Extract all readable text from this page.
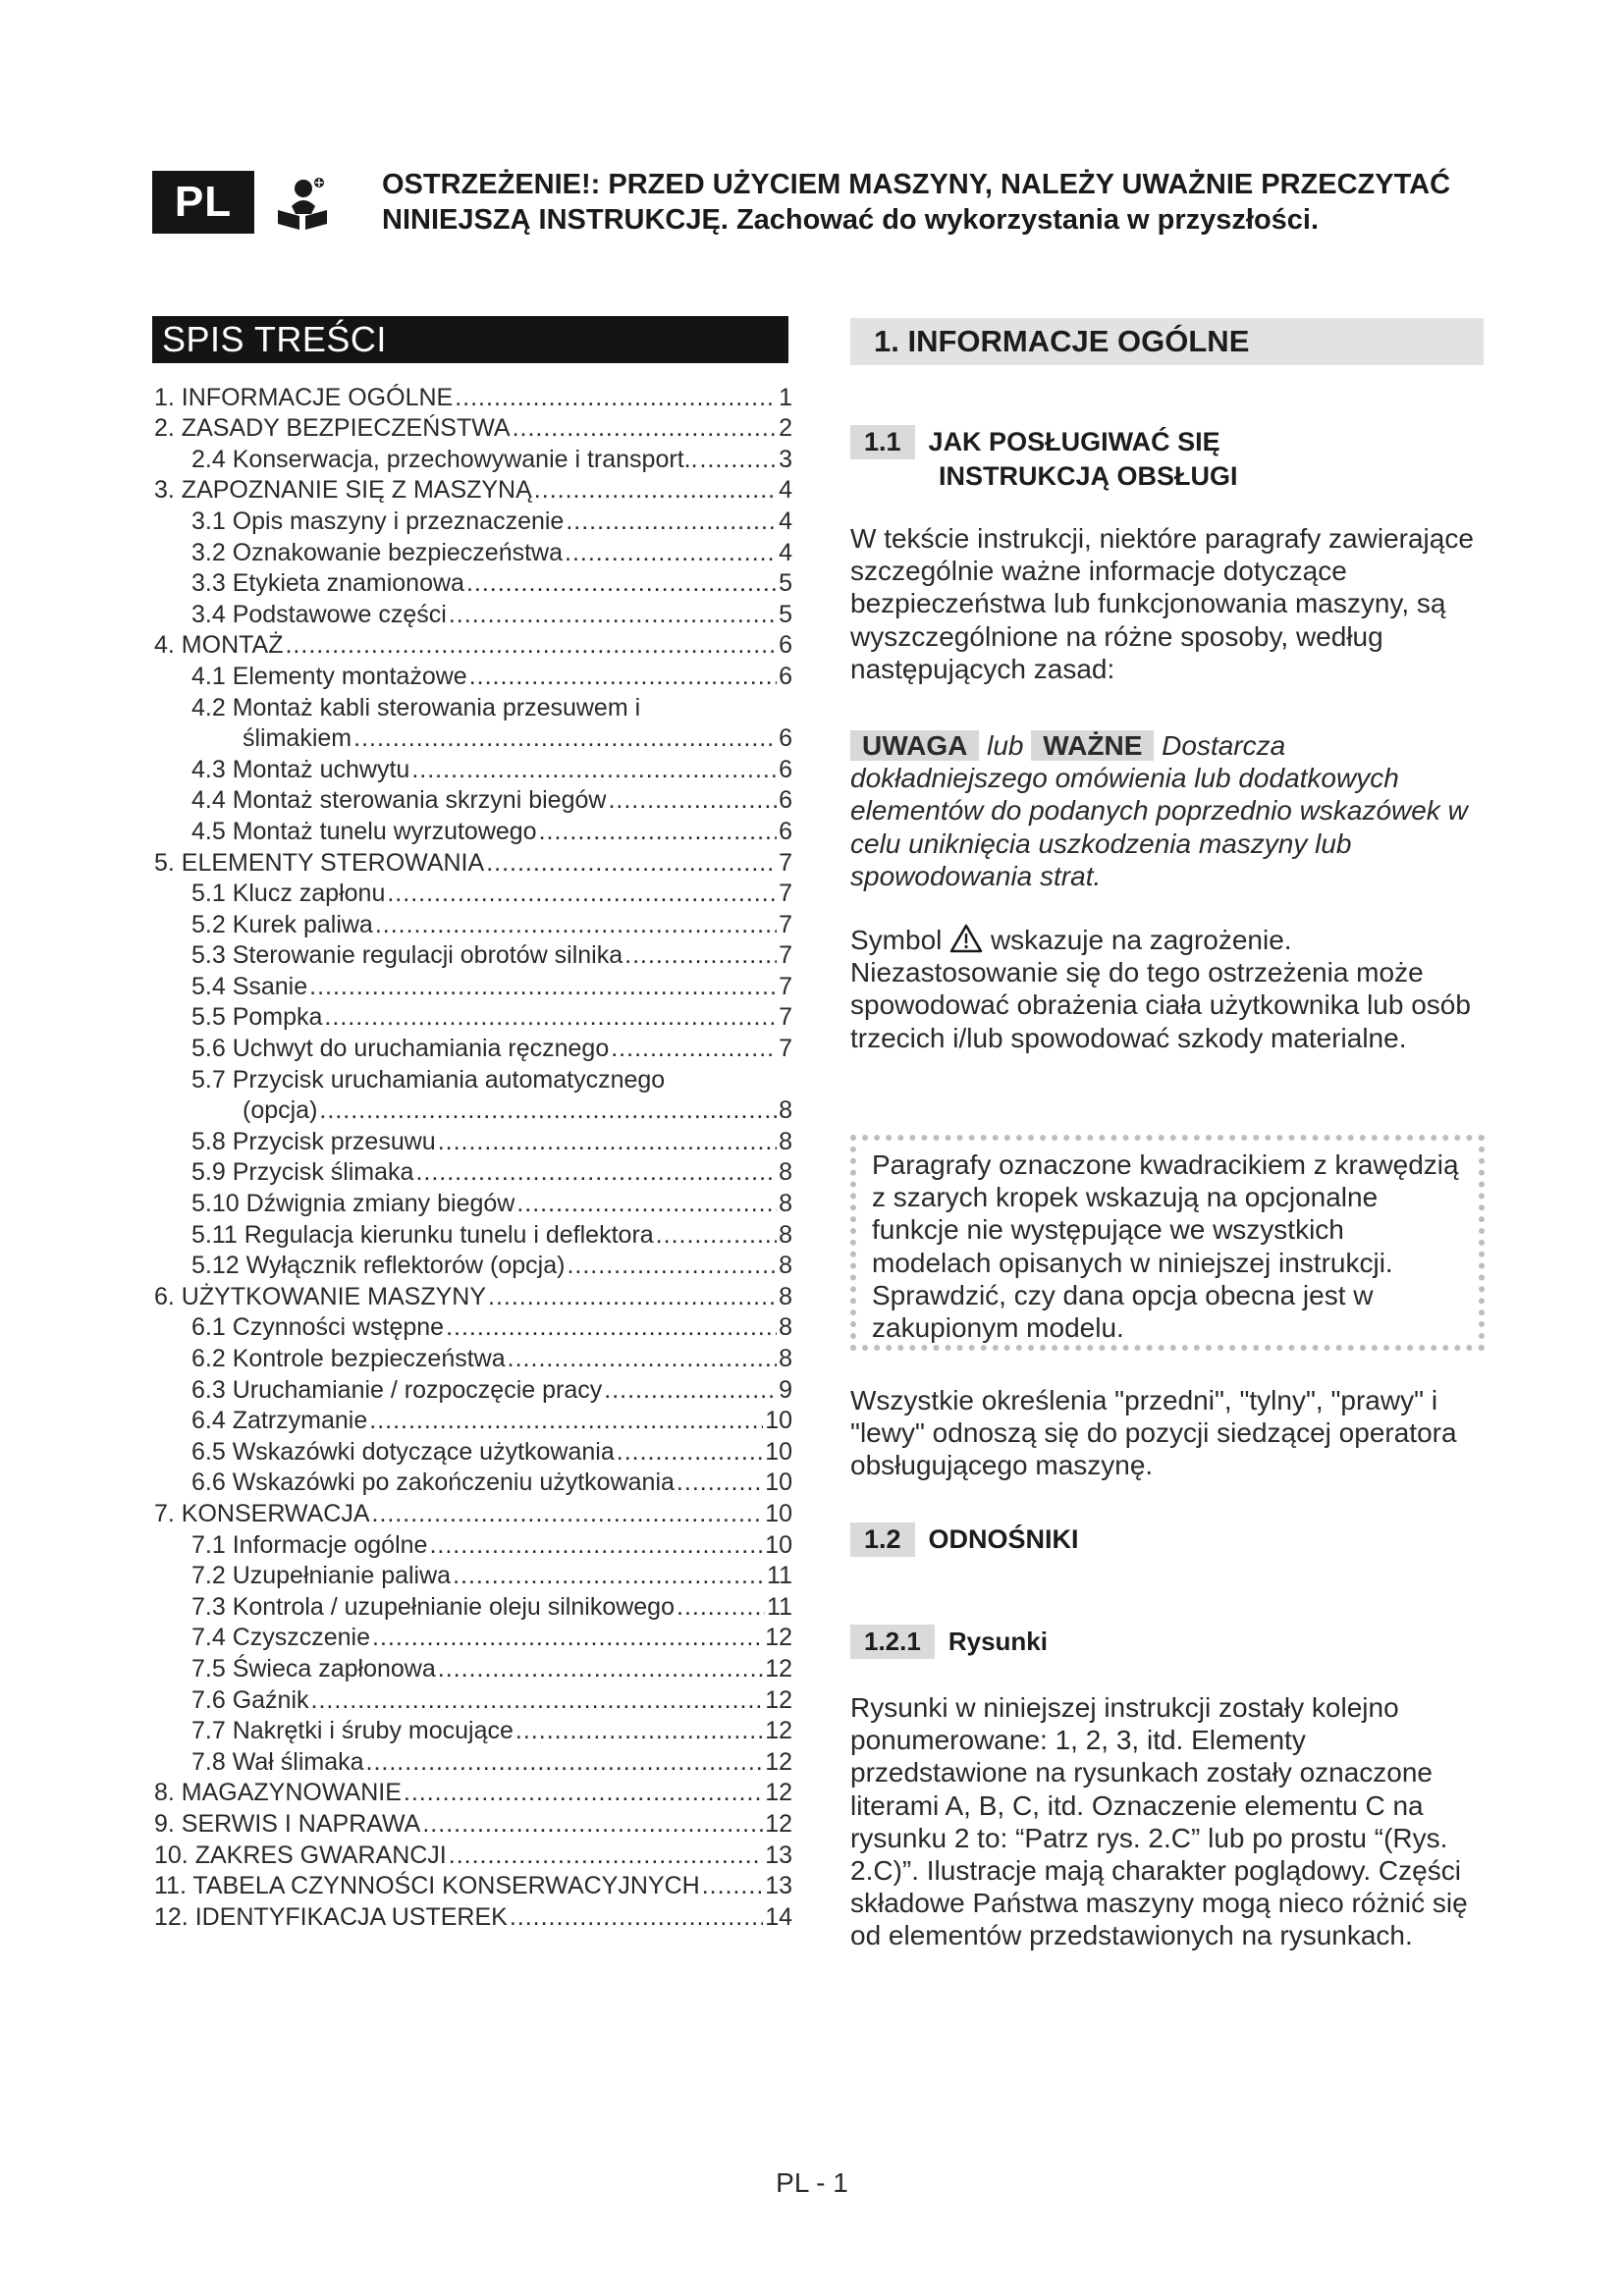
PL	OSTRZEŻENIE!: PRZED UŻYCIEM MASZYNY, NALEŻY UWAŻNIE PRZECZYTAĆ
NINIEJSZĄ INSTRUKCJĘ. Zachować do wykorzystania w przyszłości.
SPIS TREŚCI
1. INFORMACJE OGÓLNE .....	1
2. ZASADY BEZPIECZEŃSTWA .....	2
2.4 Konserwacja, przechowywanie i transport.. .....	3
3. ZAPOZNANIE SIĘ Z MASZYNĄ .....	4
3.1 Opis maszyny i przeznaczenie .....	4
3.2 Oznakowanie bezpieczeństwa .....	4
3.3 Etykieta znamionowa .....	5
3.4 Podstawowe części .....	5
4. MONTAŻ .....	6
4.1 Elementy montażowe .....	6
4.2 Montaż kabli sterowania przesuwem i
ślimakiem .....	6
4.3 Montaż uchwytu .....	6
4.4 Montaż sterowania skrzyni biegów .....	6
4.5 Montaż tunelu wyrzutowego .....	6
5. ELEMENTY STEROWANIA .....	7
5.1 Klucz zapłonu .....	7
5.2 Kurek paliwa .....	7
5.3 Sterowanie regulacji obrotów silnika .....	7
5.4 Ssanie .....	7
5.5 Pompka .....	7
5.6 Uchwyt do uruchamiania ręcznego .....	7
5.7 Przycisk uruchamiania automatycznego
(opcja) .....	8
5.8 Przycisk przesuwu .....	8
5.9 Przycisk ślimaka .....	8
5.10 Dźwignia zmiany biegów .....	8
5.11 Regulacja kierunku tunelu i deflektora .....	8
5.12 Wyłącznik reflektorów (opcja) .....	8
6. UŻYTKOWANIE MASZYNY .....	8
6.1 Czynności wstępne .....	8
6.2 Kontrole bezpieczeństwa .....	8
6.3 Uruchamianie / rozpoczęcie pracy .....	9
6.4 Zatrzymanie .....	10
6.5 Wskazówki dotyczące użytkowania .....	10
6.6 Wskazówki po zakończeniu użytkowania .....	10
7. KONSERWACJA .....	10
7.1 Informacje ogólne .....	10
7.2 Uzupełnianie paliwa .....	11
7.3 Kontrola / uzupełnianie oleju silnikowego .....	11
7.4 Czyszczenie .....	12
7.5 Świeca zapłonowa .....	12
7.6 Gaźnik .....	12
7.7 Nakrętki i śruby mocujące .....	12
7.8 Wał ślimaka .....	12
8. MAGAZYNOWANIE .....	12
9. SERWIS I NAPRAWA .....	12
10. ZAKRES GWARANCJI .....	13
11. TABELA CZYNNOŚCI KONSERWACYJNYCH .....	13
12. IDENTYFIKACJA USTEREK .....	14
1. INFORMACJE OGÓLNE
1.1 JAK POSŁUGIWAĆ SIĘ
INSTRUKCJĄ OBSŁUGI
W tekście instrukcji, niektóre paragrafy zawierające szczególnie ważne informacje dotyczące bezpieczeństwa lub funkcjonowania maszyny, są wyszczególnione na różne sposoby, według następujących zasad:
UWAGA lub WAŻNE Dostarcza dokładniejszego omówienia lub dodatkowych elementów do podanych poprzednio wskazówek w celu uniknięcia uszkodzenia maszyny lub spowodowania strat.
Symbol wskazuje na zagrożenie. Niezastosowanie się do tego ostrzeżenia może spowodować obrażenia ciała użytkownika lub osób trzecich i/lub spowodować szkody materialne.
Paragrafy oznaczone kwadracikiem z krawędzią z szarych kropek wskazują na opcjonalne funkcje nie występujące we wszystkich modelach opisanych w niniejszej instrukcji. Sprawdzić, czy dana opcja obecna jest w zakupionym modelu.
Wszystkie określenia "przedni", "tylny", "prawy" i "lewy" odnoszą się do pozycji siedzącej operatora obsługującego maszynę.
1.2 ODNOŚNIKI
1.2.1 Rysunki
Rysunki w niniejszej instrukcji zostały kolejno ponumerowane: 1, 2, 3, itd. Elementy przedstawione na rysunkach zostały oznaczone literami A, B, C, itd. Oznaczenie elementu C na rysunku 2 to: “Patrz rys. 2.C” lub po prostu “(Rys. 2.C)”. Ilustracje mają charakter poglądowy. Części składowe Państwa maszyny mogą nieco różnić się od elementów przedstawionych na rysunkach.
PL - 1
